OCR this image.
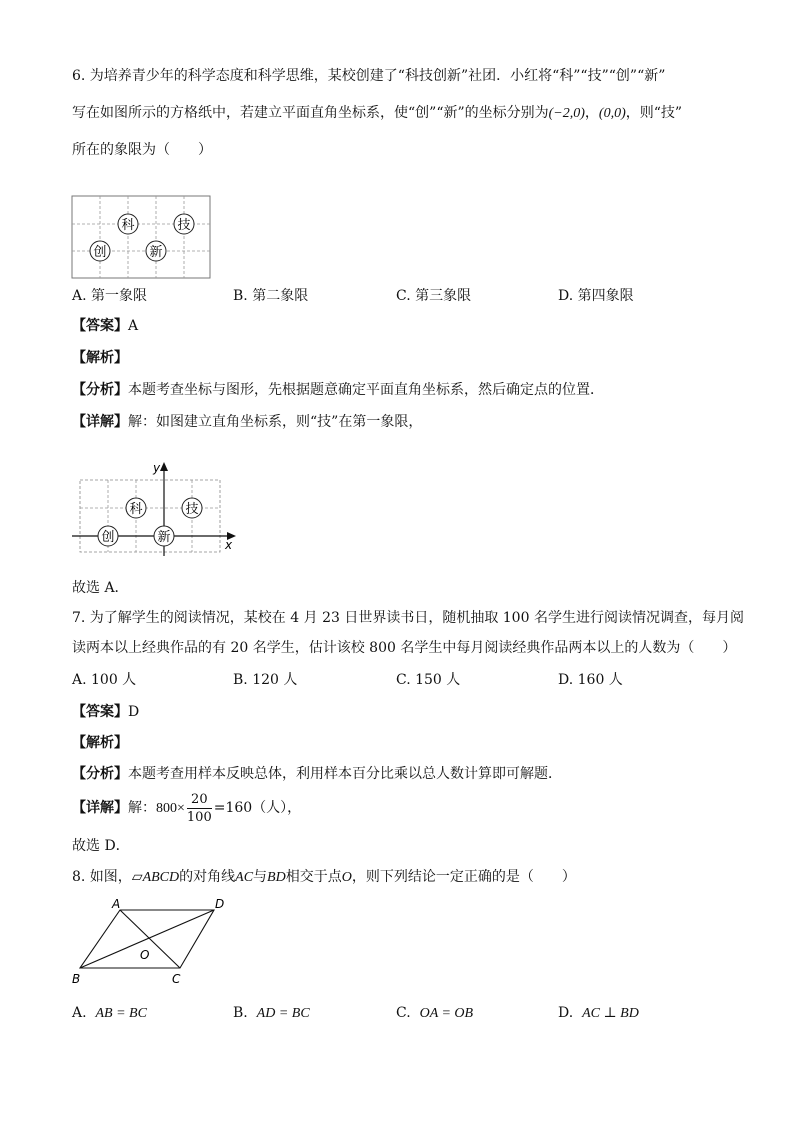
6. 为培养青少年的科学态度和科学思维，某校创建了“科技创新”社团．小红将“科”“技”“创”“新”
写在如图所示的方格纸中，若建立平面直角坐标系，使“创”“新”的坐标分别为(−2,0)，(0,0)，则“技”
所在的象限为（　　）
科	技
创	新
A. 第一象限	B. 第二象限	C. 第三象限	D. 第四象限
【答案】A
【解析】
【分析】本题考查坐标与图形，先根据题意确定平面直角坐标系，然后确定点的位置．
【详解】解：如图建立直角坐标系，则“技”在第一象限，
x
y
科	技
创	新
故选 A．
7. 为了解学生的阅读情况，某校在 4 月 23 日世界读书日，随机抽取 100 名学生进行阅读情况调查，每月阅
读两本以上经典作品的有 20 名学生，估计该校 800 名学生中每月阅读经典作品两本以上的人数为（　　）
A. 100 人	B. 120 人	C. 150 人	D. 160 人
【答案】D
【解析】
【分析】本题考查用样本反映总体，利用样本百分比乘以总人数计算即可解题．
【详解】解：$800\times \frac{20}{100} =160$（人），
故选 D．
8. 如图，▱ABCD的对角线AC与BD相交于点O，则下列结论一定正确的是（　　）
A	D
B	C
O
A. AB = BC	B. AD = BC	C. OA = OB	D. AC ⊥ BD
